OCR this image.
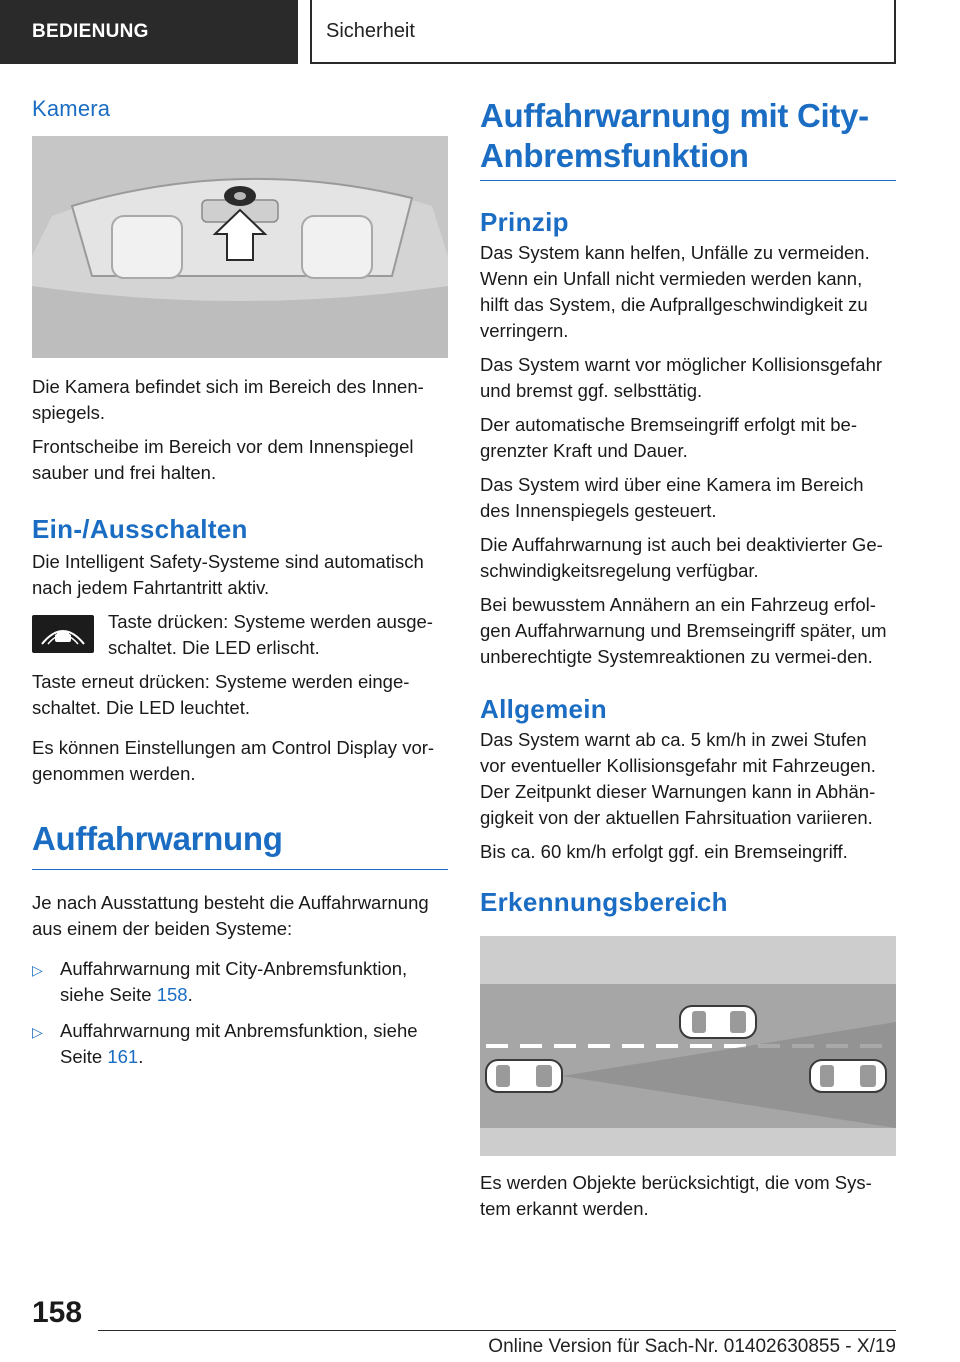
BEDIENUNG	Sicherheit
Kamera

Die Kamera befindet sich im Bereich des Innen-spiegels.

Frontscheibe im Bereich vor dem Innenspiegel sauber und frei halten.

Ein-/Ausschalten

Die Intelligent Safety-Systeme sind automatisch nach jedem Fahrtantritt aktiv.

Taste drücken: Systeme werden ausge-schaltet. Die LED erlischt.

Taste erneut drücken: Systeme werden einge-schaltet. Die LED leuchtet.

Es können Einstellungen am Control Display vor-genommen werden.

Auffahrwarnung

Je nach Ausstattung besteht die Auffahrwarnung aus einem der beiden Systeme:

▷ Auffahrwarnung mit City-Anbremsfunktion, siehe Seite 158.
▷ Auffahrwarnung mit Anbremsfunktion, siehe Seite 161.
Auffahrwarnung mit City-Anbremsfunktion
Prinzip

Das System kann helfen, Unfälle zu vermeiden. Wenn ein Unfall nicht vermieden werden kann, hilft das System, die Aufprallgeschwindigkeit zu verringern.

Das System warnt vor möglicher Kollisionsgefahr und bremst ggf. selbsttätig.

Der automatische Bremseingriff erfolgt mit be-grenzter Kraft und Dauer.

Das System wird über eine Kamera im Bereich des Innenspiegels gesteuert.

Die Auffahrwarnung ist auch bei deaktivierter Ge-schwindigkeitsregelung verfügbar.

Bei bewusstem Annähern an ein Fahrzeug erfol-gen Auffahrwarnung und Bremseingriff später, um unberechtigte Systemreaktionen zu vermei-den.

Allgemein

Das System warnt ab ca. 5 km/h in zwei Stufen vor eventueller Kollisionsgefahr mit Fahrzeugen. Der Zeitpunkt dieser Warnungen kann in Abhän-gigkeit von der aktuellen Fahrsituation variieren.

Bis ca. 60 km/h erfolgt ggf. ein Bremseingriff.

Erkennungsbereich

Es werden Objekte berücksichtigt, die vom Sys-tem erkannt werden.

158
Online Version für Sach-Nr. 01402630855 - X/19
